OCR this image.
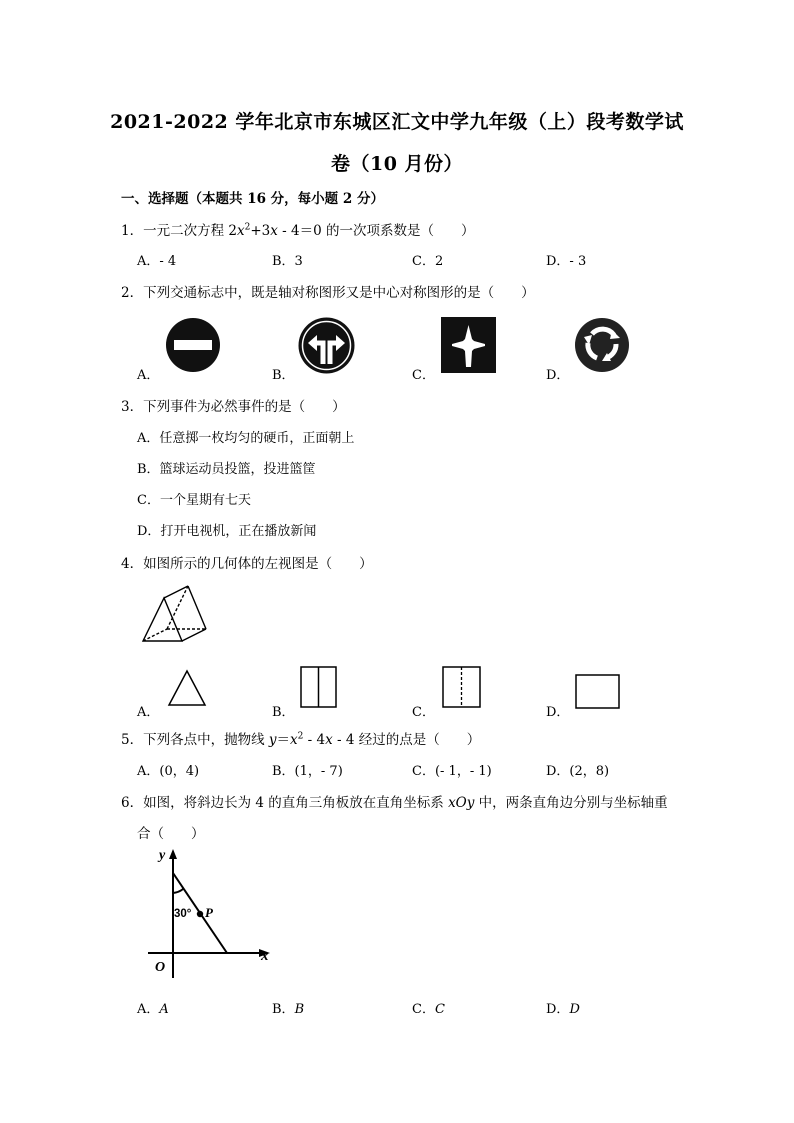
2021-2022 学年北京市东城区汇文中学九年级（上）段考数学试
卷（10 月份）
一、选择题（本题共 16 分，每小题 2 分）
1．一元二次方程 $2x^2+3x - 4=0$ 的一次项系数是（　　）
A．- 4	B．3	C．2	D．- 3
2．下列交通标志中，既是轴对称图形又是中心对称图形的是（　　）
A．	B．	C．	D．
3．下列事件为必然事件的是（　　）
A．任意掷一枚均匀的硬币，正面朝上
B．篮球运动员投篮，投进篮筐
C．一个星期有七天
D．打开电视机，正在播放新闻
4．如图所示的几何体的左视图是（　　）
A．	B．	C．	D．
5．下列各点中，抛物线 $y=x^2 - 4x - 4$ 经过的点是（　　）
A．(0，4)	B．(1，- 7)	C．(- 1，- 1)	D．(2，8)
6．如图，将斜边长为 4 的直角三角板放在直角坐标系 xOy 中，两条直角边分别与坐标轴重
合（　　）
y
x
O
P
30°
A．A	B．B	C．C	D．D
